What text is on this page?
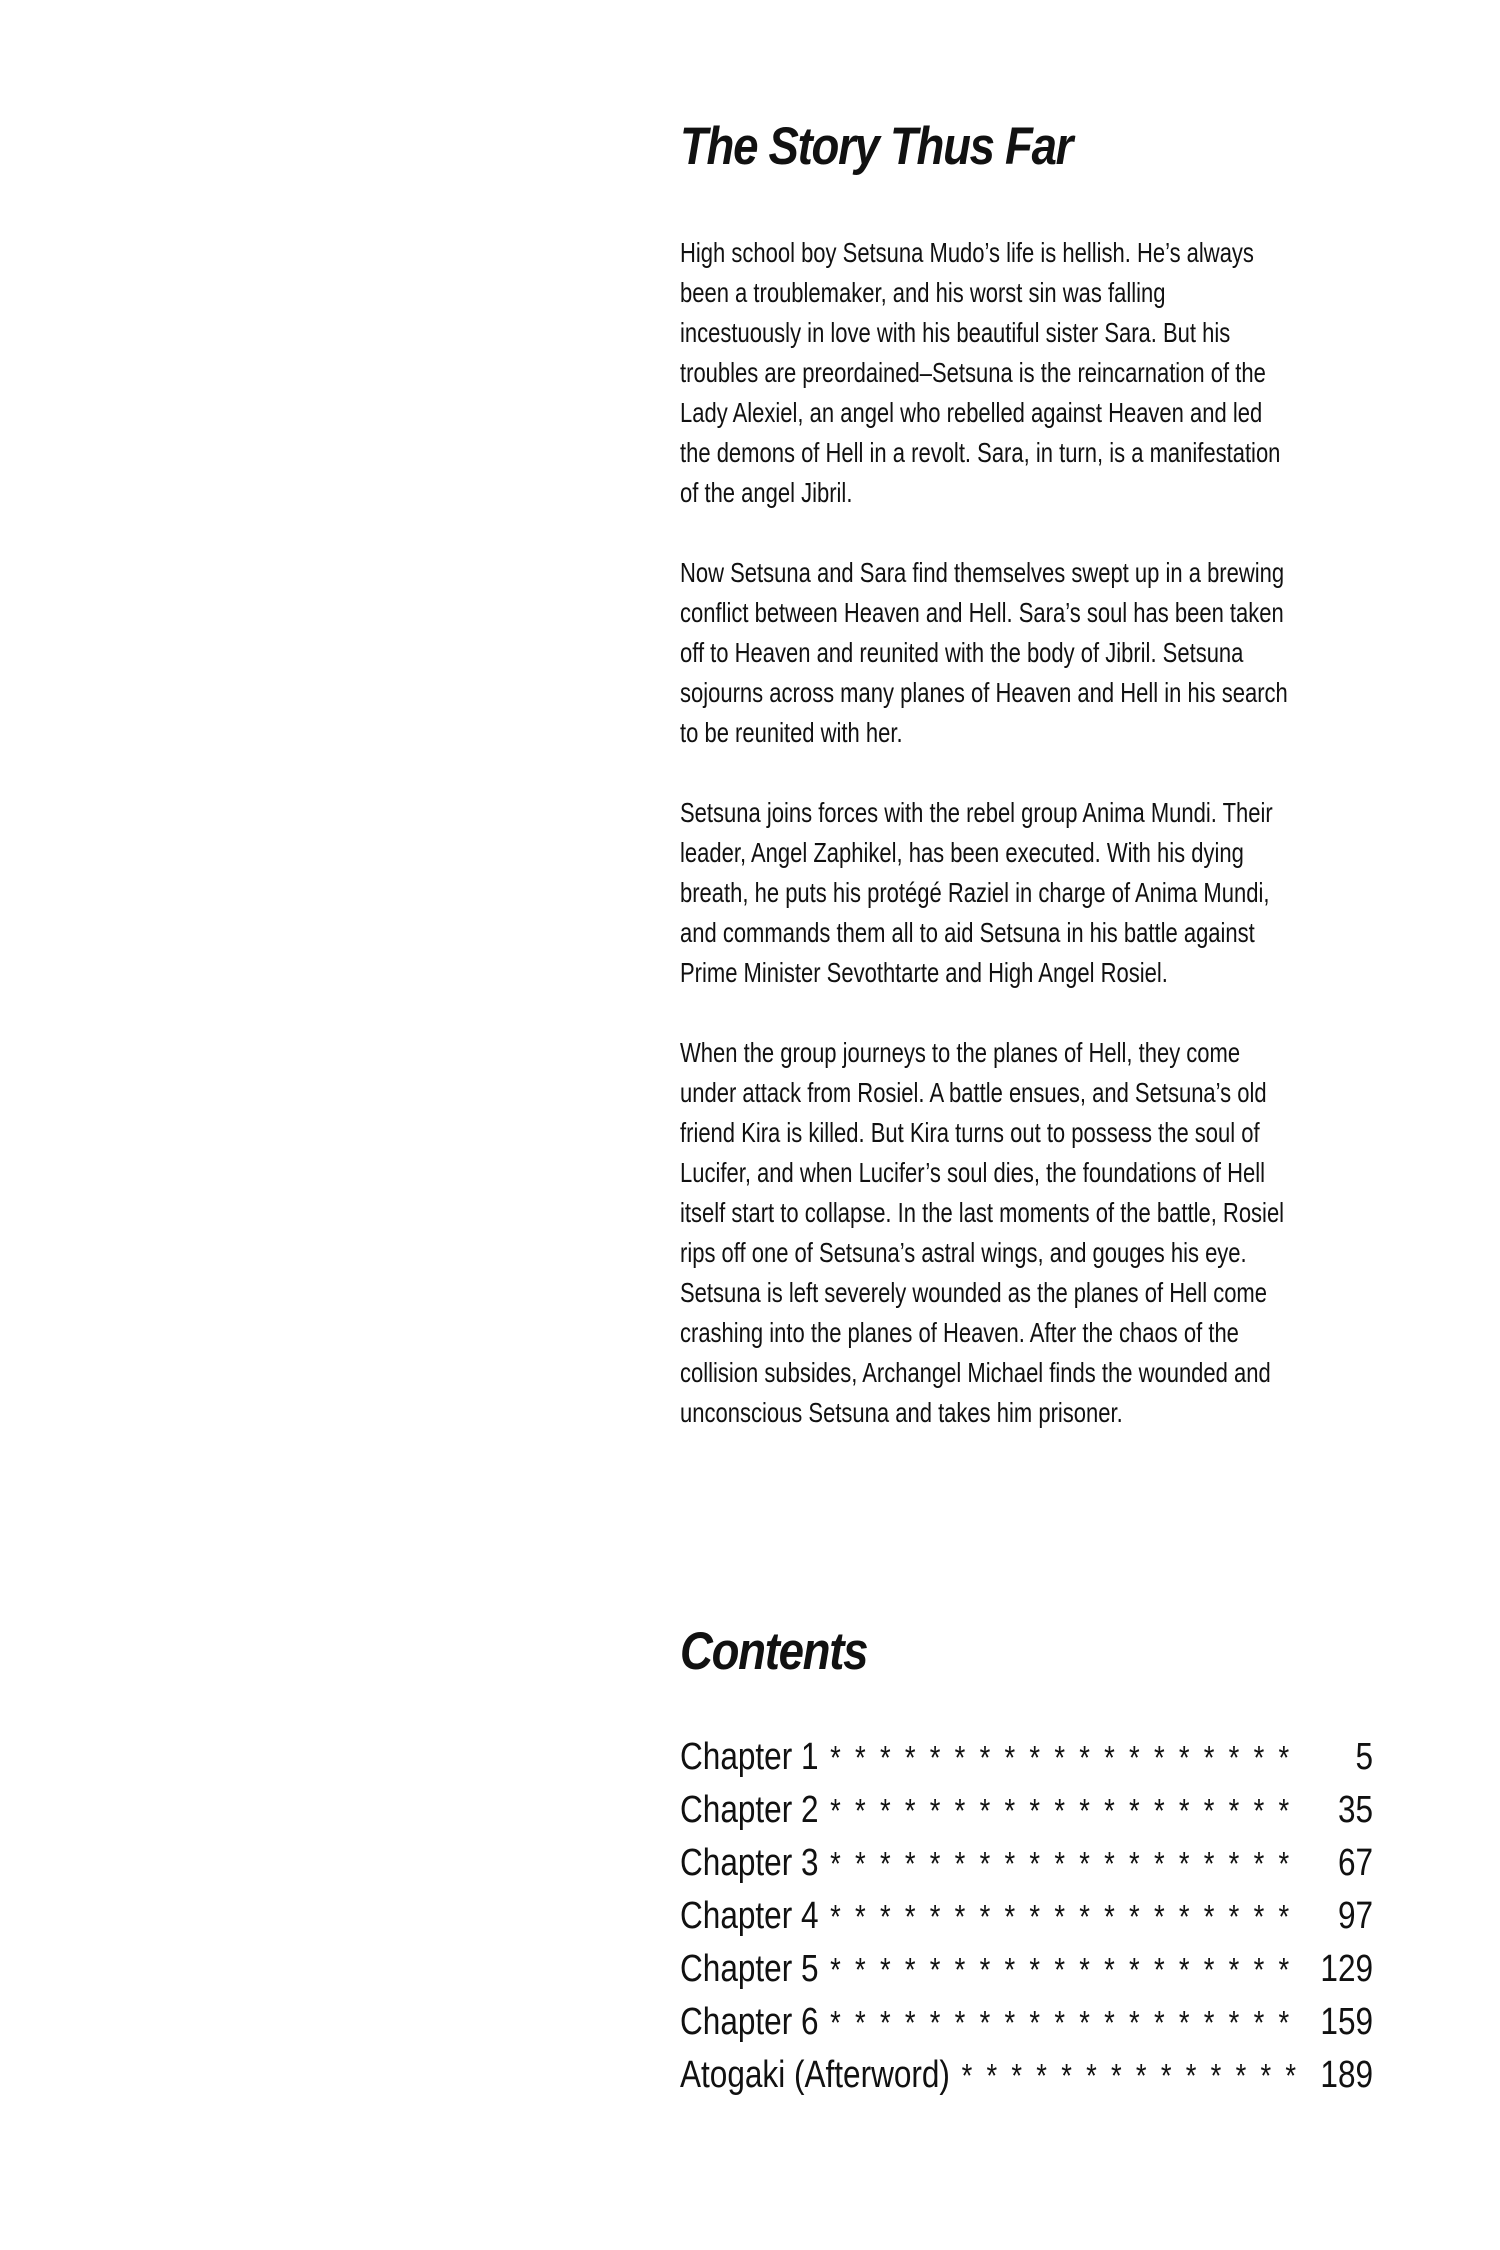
The Story Thus Far

High school boy Setsuna Mudo’s life is hellish. He’s always been a troublemaker, and his worst sin was falling incestuously in love with his beautiful sister Sara. But his troubles are preordained–Setsuna is the reincarnation of the Lady Alexiel, an angel who rebelled against Heaven and led the demons of Hell in a revolt. Sara, in turn, is a manifestation of the angel Jibril.

Now Setsuna and Sara find themselves swept up in a brewing conflict between Heaven and Hell. Sara’s soul has been taken off to Heaven and reunited with the body of Jibril. Setsuna sojourns across many planes of Heaven and Hell in his search to be reunited with her.

Setsuna joins forces with the rebel group Anima Mundi. Their leader, Angel Zaphikel, has been executed. With his dying breath, he puts his protégé Raziel in charge of Anima Mundi, and commands them all to aid Setsuna in his battle against Prime Minister Sevothtarte and High Angel Rosiel.

When the group journeys to the planes of Hell, they come under attack from Rosiel. A battle ensues, and Setsuna’s old friend Kira is killed. But Kira turns out to possess the soul of Lucifer, and when Lucifer’s soul dies, the foundations of Hell itself start to collapse. In the last moments of the battle, Rosiel rips off one of Setsuna’s astral wings, and gouges his eye. Setsuna is left severely wounded as the planes of Hell come crashing into the planes of Heaven. After the chaos of the collision subsides, Archangel Michael finds the wounded and unconscious Setsuna and takes him prisoner.

Contents
Chapter 1 * * * * * * * * * * * * * * * * * * *	5
Chapter 2 * * * * * * * * * * * * * * * * * * *	35
Chapter 3 * * * * * * * * * * * * * * * * * * *	67
Chapter 4 * * * * * * * * * * * * * * * * * * *	97
Chapter 5 * * * * * * * * * * * * * * * * * * * 129
Chapter 6 * * * * * * * * * * * * * * * * * * * 159
Atogaki (Afterword) * * * * * * * * * * * * * * 189
